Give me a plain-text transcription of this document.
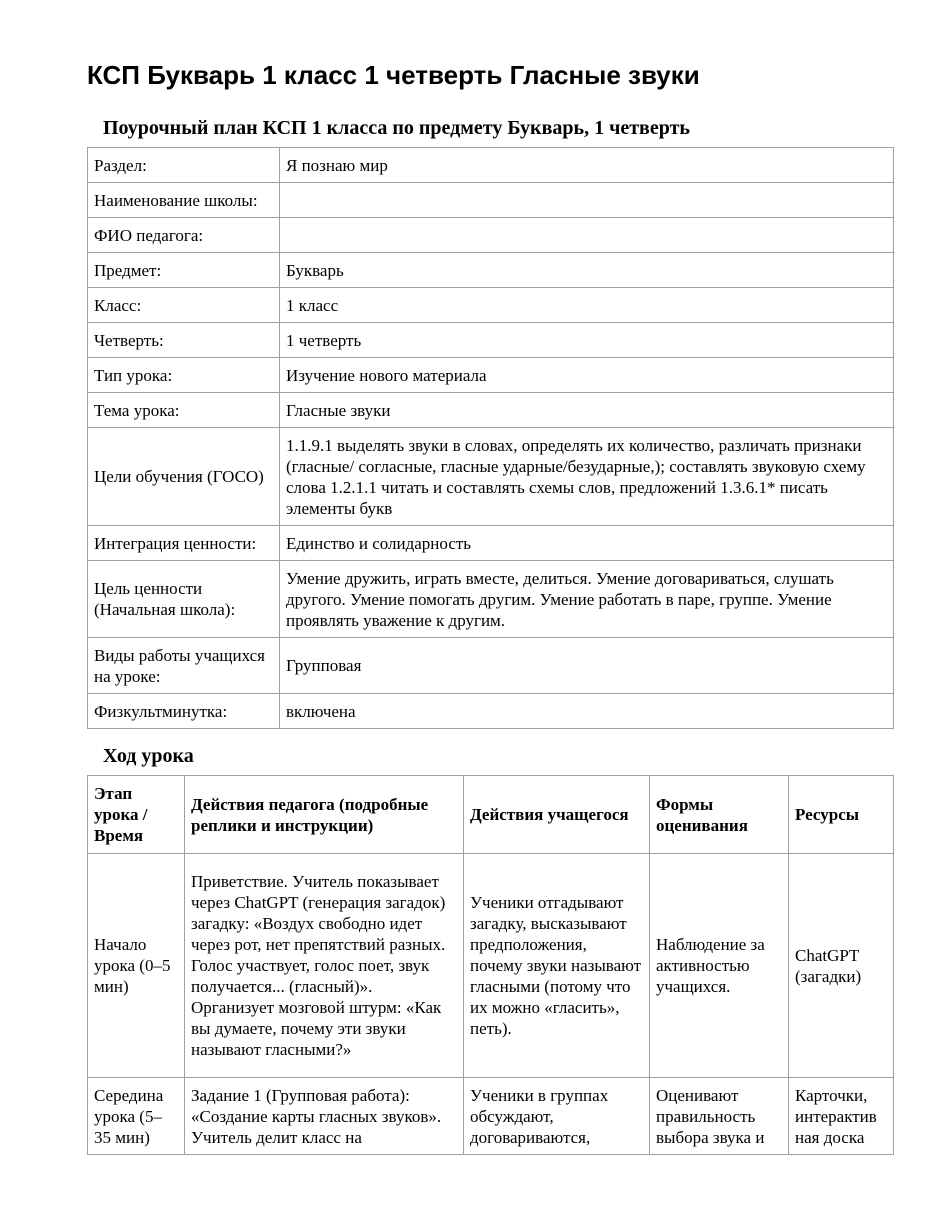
КСП Букварь 1 класс 1 четверть Гласные звуки
Поурочный план КСП 1 класса по предмету Букварь, 1 четверть
Раздел:	Я познаю мир
Наименование школы:	
ФИО педагога:	
Предмет:	Букварь
Класс:	1 класс
Четверть:	1 четверть
Тип урока:	Изучение нового материала
Тема урока:	Гласные звуки
Цели обучения (ГОСО)	1.1.9.1 выделять звуки в словах, определять их количество, различать признаки (гласные/ согласные, гласные ударные/безударные,); составлять звуковую схему слова 1.2.1.1 читать и составлять схемы слов, предложений 1.3.6.1* писать элементы букв
Интеграция ценности:	Единство и солидарность
Цель ценности (Начальная школа):	Умение дружить, играть вместе, делиться. Умение договариваться, слушать другого. Умение помогать другим. Умение работать в паре, группе. Умение проявлять уважение к другим.
Виды работы учащихся на уроке:	Групповая
Физкультминутка:	включена
Ход урока
Этап урока / Время	Действия педагога (подробные реплики и инструкции)	Действия учащегося	Формы оценивания	Ресурсы
Начало урока (0–5 мин)	Приветствие. Учитель показывает через ChatGPT (генерация загадок) загадку: «Воздух свободно идет через рот, нет препятствий разных. Голос участвует, голос поет, звук получается... (гласный)». Организует мозговой штурм: «Как вы думаете, почему эти звуки называют гласными?»	Ученики отгадывают загадку, высказывают предположения, почему звуки называют гласными (потому что их можно «гласить», петь).	Наблюдение за активностью учащихся.	ChatGPT (загадки)
Середина урока (5–35 мин)	Задание 1 (Групповая работа): «Создание карты гласных звуков». Учитель делит класс на	Ученики в группах обсуждают, договариваются,	Оценивают правильность выбора звука и	Карточки, интерактив ная доска
